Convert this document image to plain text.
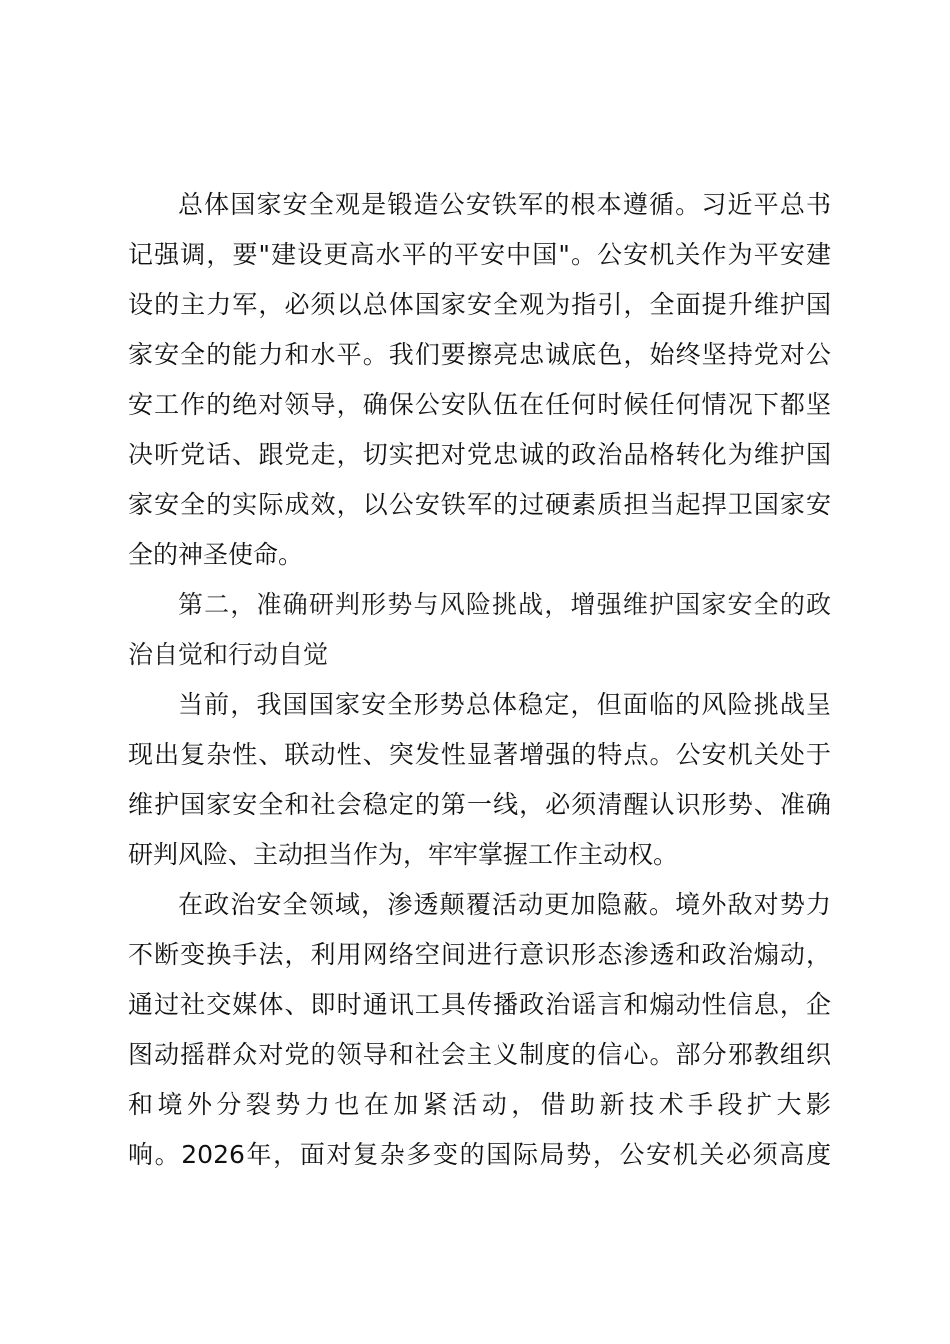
总体国家安全观是锻造公安铁军的根本遵循。习近平总书
记强调，要"建设更高水平的平安中国"。公安机关作为平安建
设的主力军，必须以总体国家安全观为指引，全面提升维护国
家安全的能力和水平。我们要擦亮忠诚底色，始终坚持党对公
安工作的绝对领导，确保公安队伍在任何时候任何情况下都坚
决听党话、跟党走，切实把对党忠诚的政治品格转化为维护国
家安全的实际成效，以公安铁军的过硬素质担当起捍卫国家安
全的神圣使命。
第二，准确研判形势与风险挑战，增强维护国家安全的政
治自觉和行动自觉
当前，我国国家安全形势总体稳定，但面临的风险挑战呈
现出复杂性、联动性、突发性显著增强的特点。公安机关处于
维护国家安全和社会稳定的第一线，必须清醒认识形势、准确
研判风险、主动担当作为，牢牢掌握工作主动权。
在政治安全领域，渗透颠覆活动更加隐蔽。境外敌对势力
不断变换手法，利用网络空间进行意识形态渗透和政治煽动，
通过社交媒体、即时通讯工具传播政治谣言和煽动性信息，企
图动摇群众对党的领导和社会主义制度的信心。部分邪教组织
和境外分裂势力也在加紧活动，借助新技术手段扩大影
响。2026年，面对复杂多变的国际局势，公安机关必须高度
